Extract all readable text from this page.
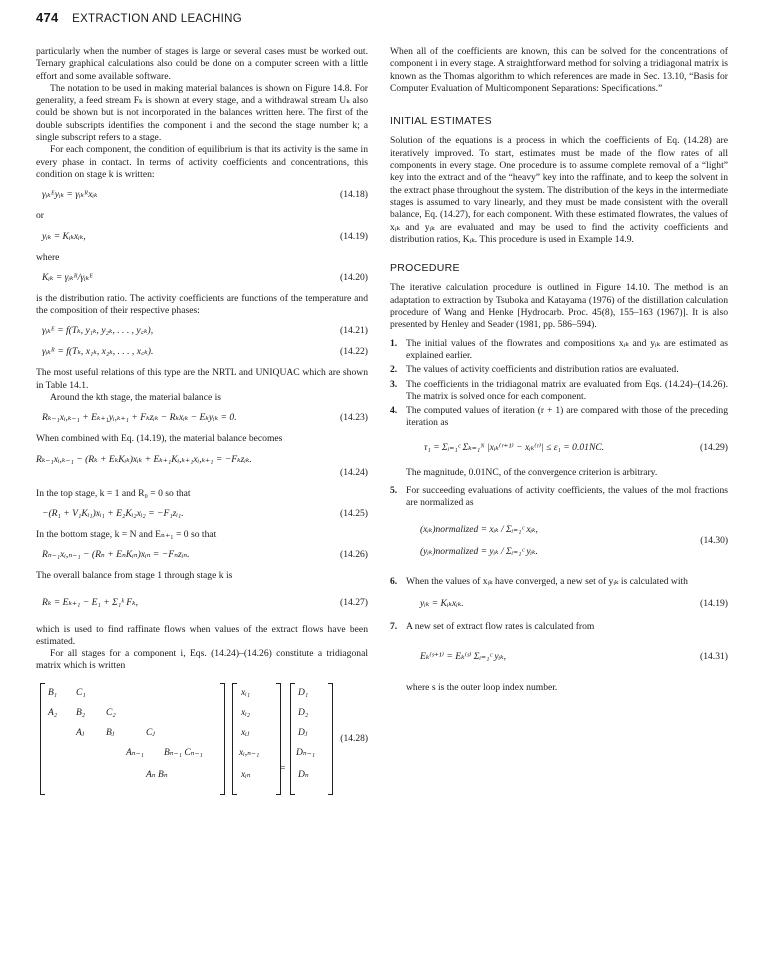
474 EXTRACTION AND LEACHING

particularly when the number of stages is large or several cases must be worked out. Ternary graphical calculations also could be done on a computer screen with a little effort and some available software.

The notation to be used in making material balances is shown on Figure 14.8. For generality, a feed stream Fₖ is shown at every stage, and a withdrawal stream Uₖ also could be shown but is not incorporated in the balances written here. The first of the double subscripts identifies the component i and the second the stage number k; a single subscript refers to a stage.

For each component, the condition of equilibrium is that its activity is the same in every phase in contact. In terms of activity coefficients and concentrations, this condition on stage k is written:

γᵢₖᴱyᵢₖ = γᵢₖᴿxᵢₖ	(14.18)
or
yᵢₖ = Kᵢₖxᵢₖ,	(14.19)
where
Kᵢₖ = γᵢₖᴿ/γᵢₖᴱ	(14.20)

is the distribution ratio. The activity coefficients are functions of the temperature and the composition of their respective phases:

γᵢₖᴱ = f(Tₖ, y₁ₖ, y₂ₖ, . . . , y꜀ₖ),	(14.21)
γᵢₖᴿ = f(Tₖ, x₁ₖ, x₂ₖ, . . . , x꜀ₖ).	(14.22)

The most useful relations of this type are the NRTL and UNIQUAC which are shown in Table 14.1.

Around the kth stage, the material balance is

Rₖ₋₁xᵢ,ₖ₋₁ + Eₖ₊₁yᵢ,ₖ₊₁ + Fₖzᵢₖ − Rₖxᵢₖ − Eₖyᵢₖ = 0.	(14.23)

When combined with Eq. (14.19), the material balance becomes

Rₖ₋₁xᵢ,ₖ₋₁ − (Rₖ + EₖKᵢₖ)xᵢₖ + Eₖ₊₁Kᵢ,ₖ₊₁xᵢ,ₖ₊₁ = −Fₖzᵢₖ.
(14.24)

In the top stage, k = 1 and R₀ = 0 so that

−(R₁ + V₁Kᵢ₁)xᵢ₁ + E₂Kᵢ₂xᵢ₂ = −F₁zᵢ₁.	(14.25)

In the bottom stage, k = N and Eₙ₊₁ = 0 so that

Rₙ₋₁xᵢ,ₙ₋₁ − (Rₙ + EₙKᵢₙ)xᵢₙ = −Fₙzᵢₙ.	(14.26)

The overall balance from stage 1 through stage k is

Rₖ = Eₖ₊₁ − E₁ + Σ₁ᵏ Fₖ,	(14.27)

which is used to find raffinate flows when values of the extract flows have been estimated.

For all stages for a component i, Eqs. (14.24)–(14.26) constitute a tridiagonal matrix which is written

=
(14.28)
B₁ C₁
A₂ B₂ C₂
Aⱼ Bⱼ	Cⱼ
Aₙ₋₁ Bₙ₋₁ Cₙ₋₁
Aₙ Bₙ
xᵢ₁
xᵢ₂
xᵢⱼ
xᵢ,ₙ₋₁
xᵢₙ
D₁
D₂
Dⱼ
Dₙ₋₁
Dₙ

When all of the coefficients are known, this can be solved for the concentrations of component i in every stage. A straightforward method for solving a tridiagonal matrix is known as the Thomas algorithm to which references are made in Sec. 13.10, “Basis for Computer Evaluation of Multicomponent Separations: Specifications.”

INITIAL ESTIMATES

Solution of the equations is a process in which the coefficients of Eq. (14.28) are iteratively improved. To start, estimates must be made of the flow rates of all components in every stage. One procedure is to assume complete removal of a “light” key into the extract and of the “heavy” key into the raffinate, and to keep the solvent in the extract phase throughout the system. The distribution of the keys in the intermediate stages is assumed to vary linearly, and they must be made consistent with the overall balance, Eq. (14.27), for each component. With these estimated flowrates, the values of xᵢₖ and yᵢₖ are evaluated and may be used to find the activity coefficients and distribution ratios, Kᵢₖ. This procedure is used in Example 14.9.

PROCEDURE

The iterative calculation procedure is outlined in Figure 14.10. The method is an adaptation to extraction by Tsuboka and Katayama (1976) of the distillation calculation procedure of Wang and Henke [Hydrocarb. Proc. 45(8), 155–163 (1967)]. It is also presented by Henley and Seader (1981, pp. 586–594).

1. The initial values of the flowrates and compositions xᵢₖ and yᵢₖ are estimated as explained earlier.
2. The values of activity coefficients and distribution ratios are evaluated.
3. The coefficients in the tridiagonal matrix are evaluated from Eqs. (14.24)–(14.26). The matrix is solved once for each component.
4. The computed values of iteration (r + 1) are compared with those of the preceding iteration as
τ₁ = Σᵢ₌₁ᶜ Σₖ₌₁ᴺ |xᵢₖ⁽ʳ⁺¹⁾ − xᵢₖ⁽ʳ⁾| ≤ ε₁ = 0.01NC.	(14.29)

The magnitude, 0.01NC, of the convergence criterion is arbitrary.

5. For succeeding evaluations of activity coefficients, the values of the mol fractions are normalized as
(xᵢₖ)normalized = xᵢₖ / Σᵢ₌₁ᶜ xᵢₖ,
(yᵢₖ)normalized = yᵢₖ / Σᵢ₌₁ᶜ yᵢₖ.
(14.30)
6. When the values of xᵢₖ have converged, a new set of yᵢₖ is calculated with
yᵢₖ = Kᵢₖxᵢₖ.	(14.19)
7. A new set of extract flow rates is calculated from
Eₖ⁽ˢ⁺¹⁾ = Eₖ⁽ˢ⁾ Σᵢ₌₁ᶜ yᵢₖ,	(14.31)

where s is the outer loop index number.
